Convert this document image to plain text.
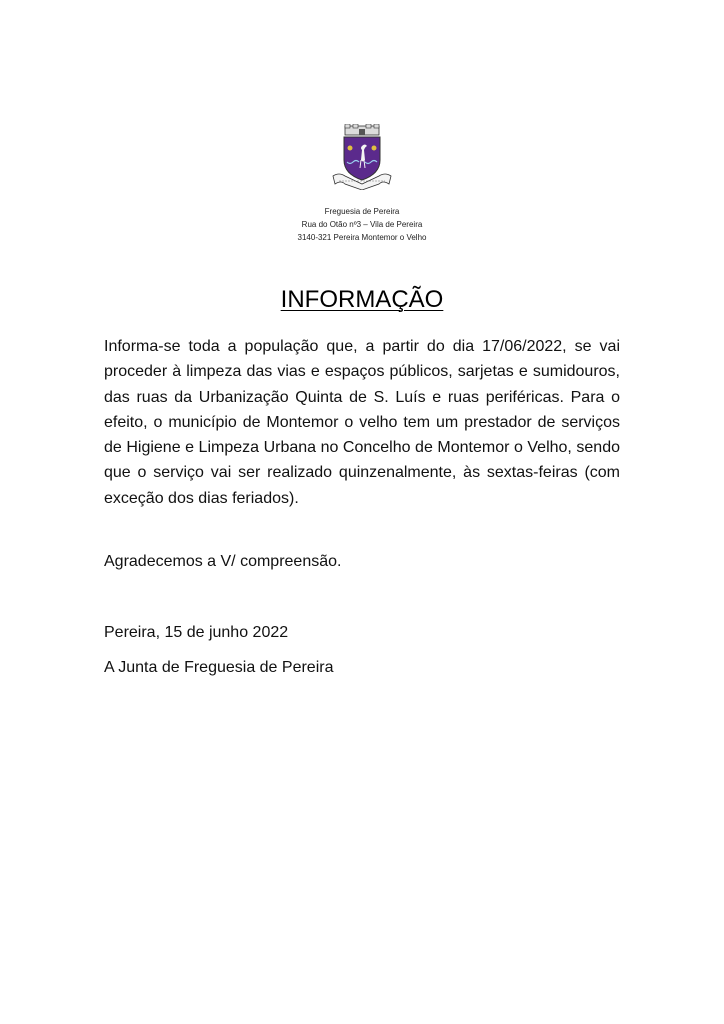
Freguesia de Pereira
Rua do Otão nº3 – Vila de Pereira
3140-321 Pereira Montemor o Velho
INFORMAÇÃO
Informa-se toda a população que, a partir do dia 17/06/2022, se vai proceder à limpeza das vias e espaços públicos, sarjetas e sumidouros, das ruas da Urbanização Quinta de S. Luís e ruas periféricas. Para o efeito, o município de Montemor o velho tem um prestador de serviços de Higiene e Limpeza Urbana no Concelho de Montemor o Velho, sendo que o serviço vai ser realizado quinzenalmente, às sextas-feiras (com exceção dos dias feriados).
Agradecemos a V/ compreensão.
Pereira, 15 de junho 2022
A Junta de Freguesia de Pereira
